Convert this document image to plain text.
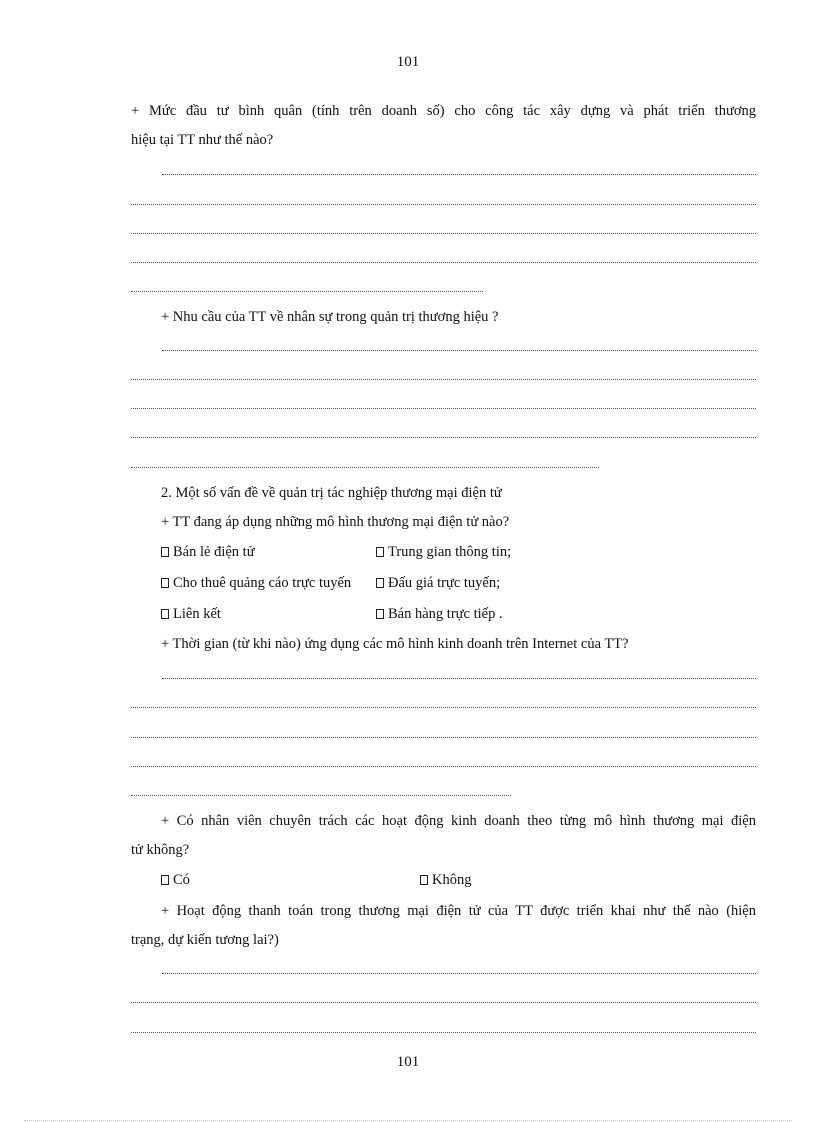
101
+ Mức đầu tư bình quân (tính trên doanh số) cho công tác xây dựng và phát triển thương
hiệu tại TT như thế nào?
+ Nhu cầu của TT về nhân sự trong quản trị thương hiệu ?
2. Một số vấn đề về quản trị tác nghiệp thương mại điện tử
+ TT đang áp dụng những mô hình thương mại điện tử nào?
Bán lẻ điện tử	Trung gian thông tin;
Cho thuê quảng cáo trực tuyến	Đấu giá trực tuyến;
Liên kết	Bán hàng trực tiếp .
+ Thời gian (từ khi nào) ứng dụng các mô hình kinh doanh trên Internet của TT?
+ Có nhân viên chuyên trách các hoạt động kinh doanh theo từng mô hình thương mại điện
tử không?
Có	Không
+ Hoạt động thanh toán trong thương mại điện tử của TT được triển khai như thế nào (hiện
trạng, dự kiến tương lai?)
101
